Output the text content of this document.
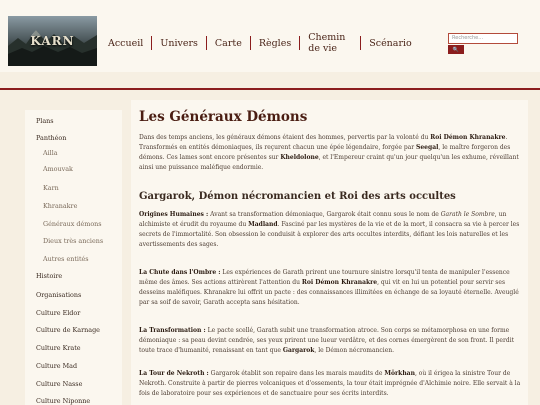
KARN	Accueil	Univers	Carte	Règles	Chemin de vie	Scénario	Recherche...
🔍
Plans
Panthéon
Ailla
Amouvak
Karn
Khranakre
Généraux démons
Dieux très anciens
Autres entités
Histoire
Organisations
Culture Eldor
Culture de Karnage
Culture Krate
Culture Mad
Culture Nasse
Culture Niponne
Les Généraux Démons
Dans des temps anciens, les généraux démons étaient des hommes, pervertis par la volonté du Roi Démon Khranakre. Transformés en entités démoniaques, ils reçurent chacun une épée légendaire, forgée par Seegal, le maître forgeron des démons. Ces lames sont encore présentes sur Kheldolone, et l'Empereur craint qu'un jour quelqu'un les exhume, réveillant ainsi une puissance maléfique endormie.
Gargarok, Démon nécromancien et Roi des arts occultes
Origines Humaines : Avant sa transformation démoniaque, Gargarok était connu sous le nom de Garath le Sombre, un alchimiste et érudit du royaume du Madland. Fasciné par les mystères de la vie et de la mort, il consacra sa vie à percer les secrets de l'immortalité. Son obsession le conduisit à explorer des arts occultes interdits, défiant les lois naturelles et les avertissements des sages.
La Chute dans l'Ombre : Les expériences de Garath prirent une tournure sinistre lorsqu'il tenta de manipuler l'essence même des âmes. Ses actions attirèrent l'attention du Roi Démon Khranakre, qui vit en lui un potentiel pour servir ses desseins maléfiques. Khranakre lui offrit un pacte : des connaissances illimitées en échange de sa loyauté éternelle. Aveuglé par sa soif de savoir, Garath accepta sans hésitation.
La Transformation : Le pacte scellé, Garath subit une transformation atroce. Son corps se métamorphosa en une forme démoniaque : sa peau devint cendrée, ses yeux prirent une lueur verdâtre, et des cornes émergèrent de son front. Il perdit toute trace d'humanité, renaissant en tant que Gargarok, le Démon nécromancien.
La Tour de Nekroth : Gargarok établit son repaire dans les marais maudits de Mörkhan, où il érigea la sinistre Tour de Nekroth. Construite à partir de pierres volcaniques et d'ossements, la tour était imprégnée d'Alchimie noire. Elle servait à la fois de laboratoire pour ses expériences et de sanctuaire pour ses écrits interdits.
